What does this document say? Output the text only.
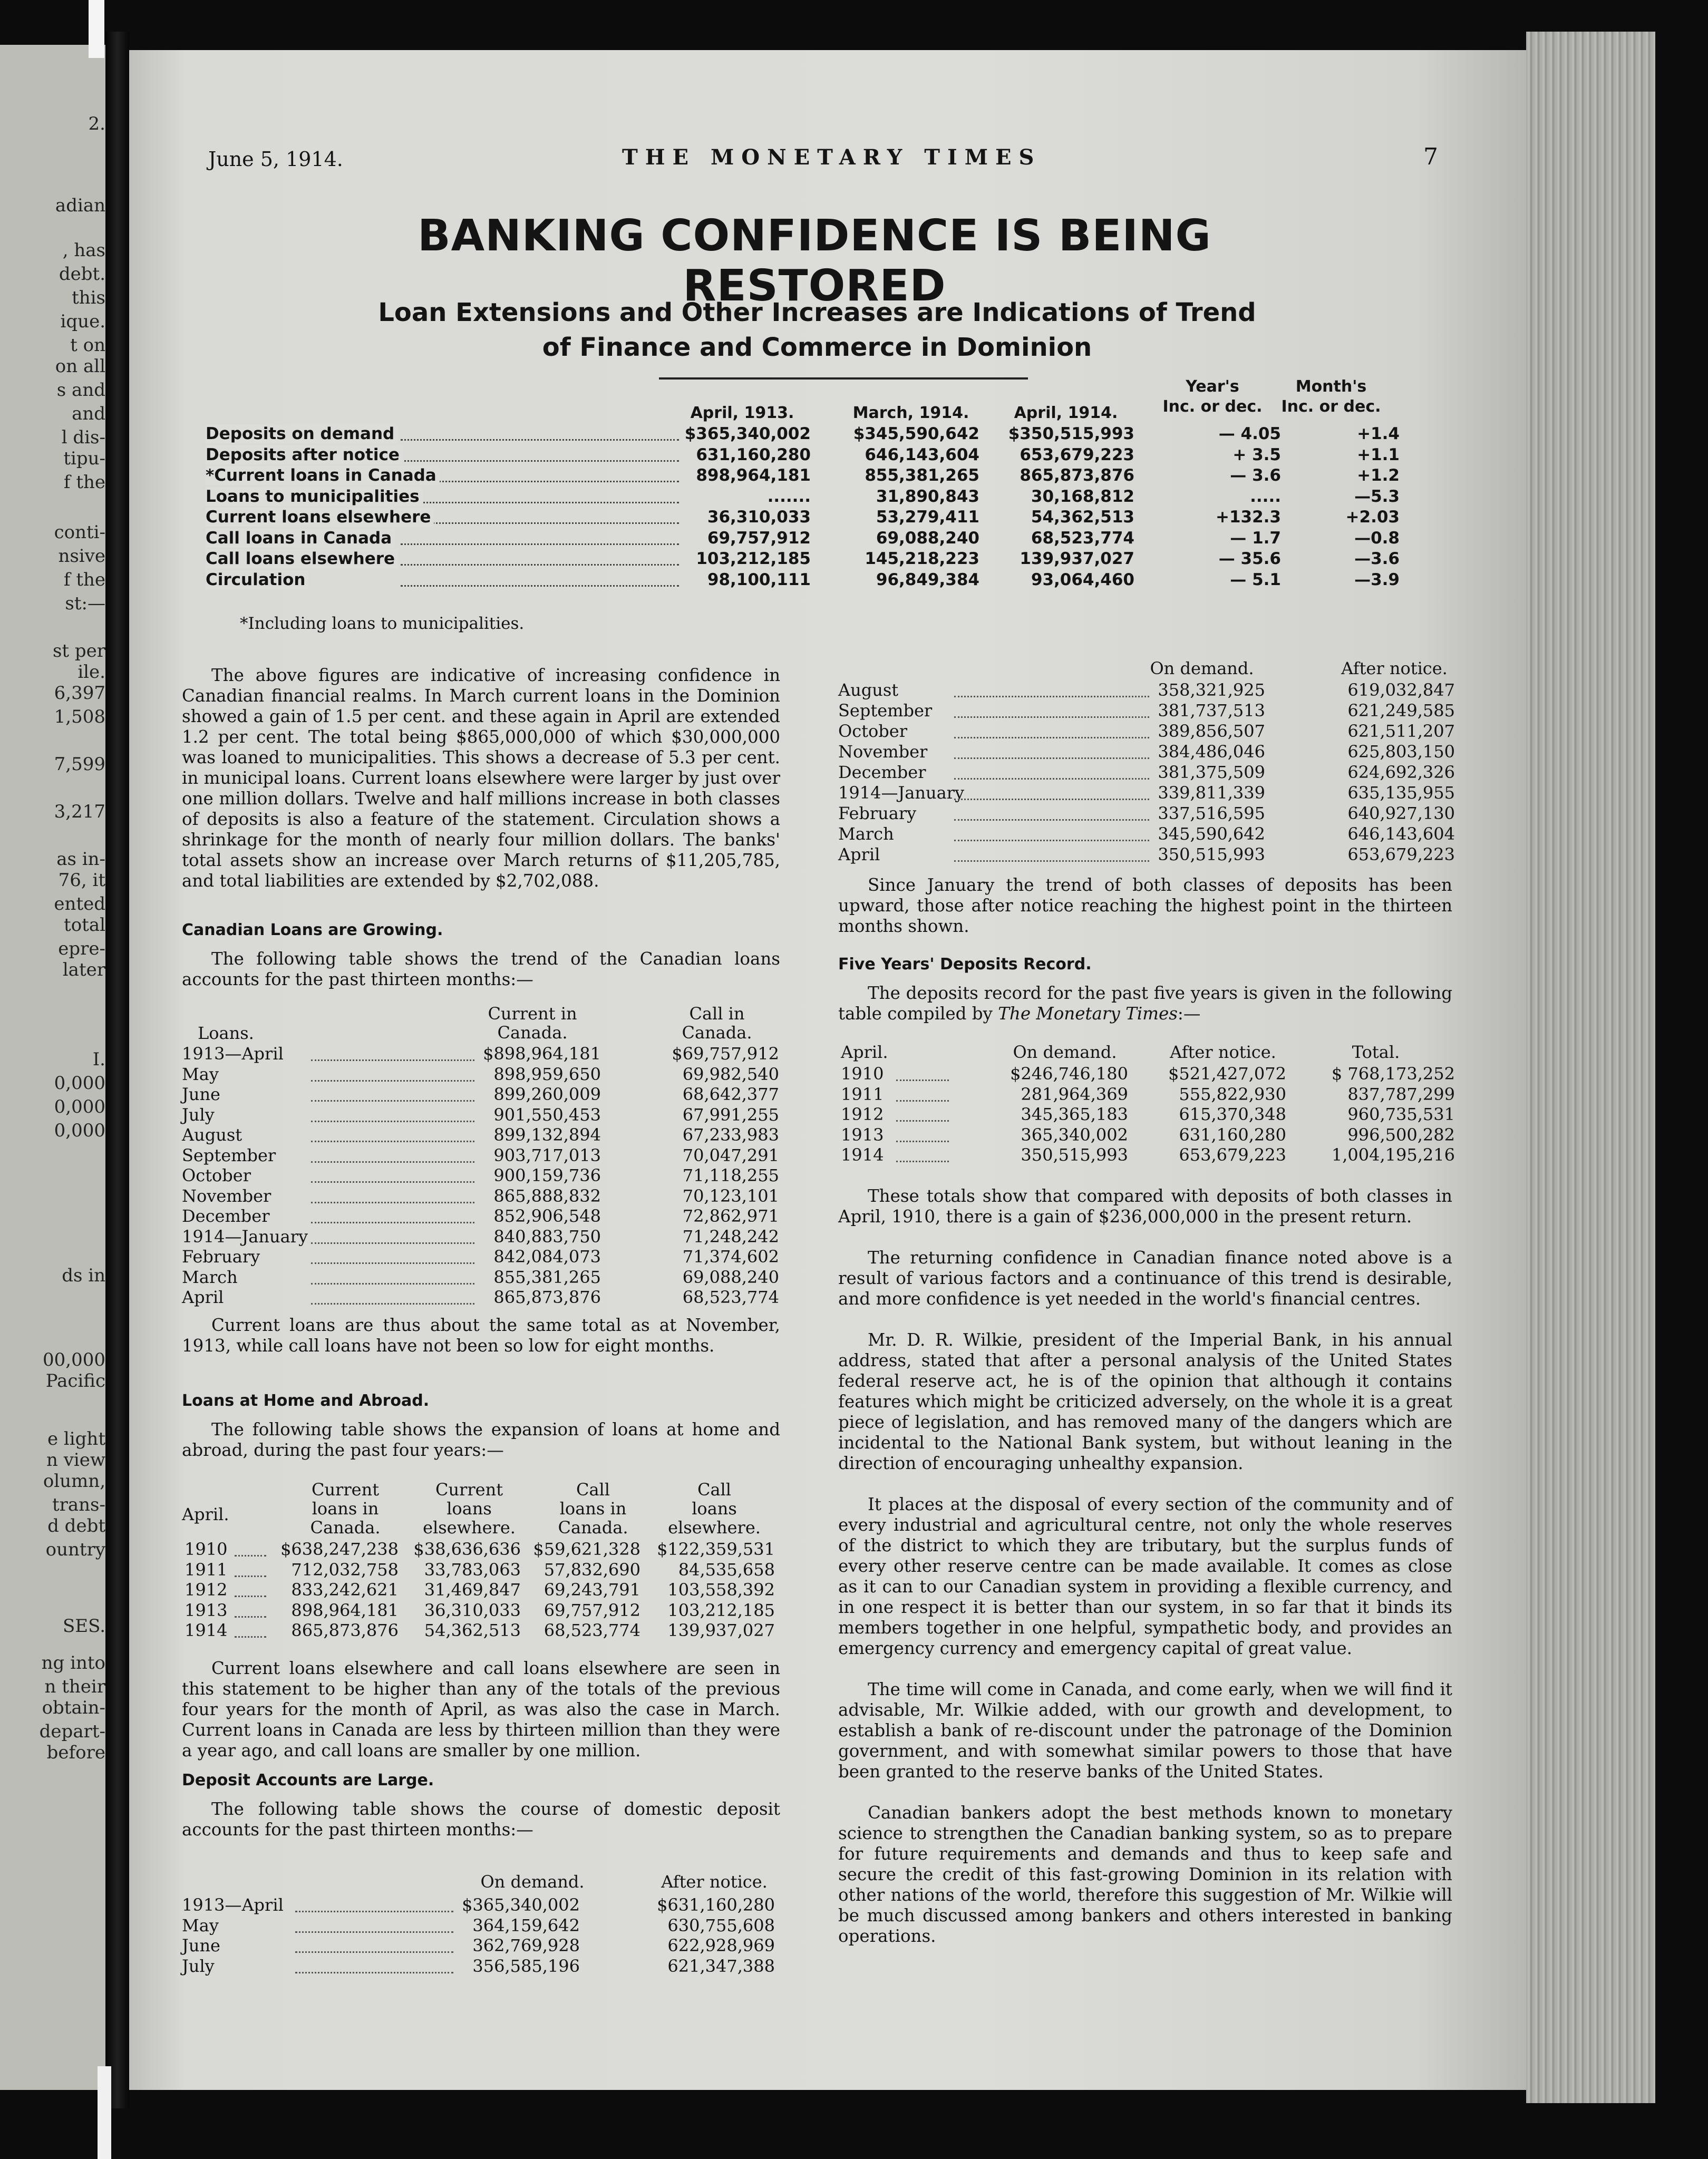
2.
adian
, has
debt.
this
ique.
t on
on all
s and
and
l dis-
tipu-
f the
conti-
nsive
f the
st:—
st per
ile.
6,397
1,508
7,599
3,217
as in-
76, it
ented
total
epre-
later
I.
0,000
0,000
0,000
ds in
00,000
Pacific
e light
n view
olumn,
trans-
d debt
ountry
SES.
ng into
n their
obtain-
depart-
before
June 5, 1914.	THE MONETARY TIMES	7
BANKING CONFIDENCE IS BEING RESTORED
Loan Extensions and Other Increases are Indications of Trend
of Finance and Commerce in Dominion
April, 1913.	March, 1914.	April, 1914.
Year's
Inc. or dec.
Month's
Inc. or dec.
Deposits on demand	$365,340,002	$345,590,642	$350,515,993	— 4.05	+1.4
Deposits after notice	631,160,280	646,143,604	653,679,223	+ 3.5	+1.1
*Current loans in Canada	898,964,181	855,381,265	865,873,876	— 3.6	+1.2
Loans to municipalities	.......	31,890,843	30,168,812	.....	—5.3
Current loans elsewhere	36,310,033	53,279,411	54,362,513	+132.3	+2.03
Call loans in Canada	69,757,912	69,088,240	68,523,774	— 1.7	—0.8
Call loans elsewhere	103,212,185	145,218,223	139,937,027	— 35.6	—3.6
Circulation	98,100,111	96,849,384	93,064,460	— 5.1	—3.9
*Including loans to municipalities.

The above figures are indicative of increasing confidence in Canadian financial realms. In March current loans in the Dominion showed a gain of 1.5 per cent. and these again in April are extended 1.2 per cent. The total being $865,000,000 of which $30,000,000 was loaned to municipalities. This shows a decrease of 5.3 per cent. in municipal loans. Current loans elsewhere were larger by just over one million dollars. Twelve and half millions increase in both classes of deposits is also a feature of the statement. Circulation shows a shrinkage for the month of nearly four million dollars. The banks' total assets show an increase over March returns of $11,205,785, and total liabilities are extended by $2,702,088.

Canadian Loans are Growing.

The following table shows the trend of the Canadian loans accounts for the past thirteen months:—

Loans.
Current in
Canada.
Call in
Canada.
1913—April	$898,964,181	$69,757,912
May	898,959,650	69,982,540
June	899,260,009	68,642,377
July	901,550,453	67,991,255
August	899,132,894	67,233,983
September	903,717,013	70,047,291
October	900,159,736	71,118,255
November	865,888,832	70,123,101
December	852,906,548	72,862,971
1914—January	840,883,750	71,248,242
February	842,084,073	71,374,602
March	855,381,265	69,088,240
April	865,873,876	68,523,774

Current loans are thus about the same total as at November, 1913, while call loans have not been so low for eight months.

Loans at Home and Abroad.

The following table shows the expansion of loans at home and abroad, during the past four years:—

April.
Current
loans in
Canada.
Current
loans
elsewhere.
Call
loans in
Canada.
Call
loans
elsewhere.
1910	$638,247,238 $38,636,636 $59,621,328 $122,359,531
1911	712,032,758	33,783,063	57,832,690	84,535,658
1912	833,242,621	31,469,847	69,243,791	103,558,392
1913	898,964,181	36,310,033	69,757,912	103,212,185
1914	865,873,876	54,362,513	68,523,774	139,937,027

Current loans elsewhere and call loans elsewhere are seen in this statement to be higher than any of the totals of the previous four years for the month of April, as was also the case in March. Current loans in Canada are less by thirteen million than they were a year ago, and call loans are smaller by one million.

Deposit Accounts are Large.

The following table shows the course of domestic deposit accounts for the past thirteen months:—

On demand.	After notice.
1913—April	$365,340,002	$631,160,280
May	364,159,642	630,755,608
June	362,769,928	622,928,969
July	356,585,196	621,347,388
On demand.	After notice.
August	358,321,925	619,032,847
September	381,737,513	621,249,585
October	389,856,507	621,511,207
November	384,486,046	625,803,150
December	381,375,509	624,692,326
1914—January	339,811,339	635,135,955
February	337,516,595	640,927,130
March	345,590,642	646,143,604
April	350,515,993	653,679,223

Since January the trend of both classes of deposits has been upward, those after notice reaching the highest point in the thirteen months shown.

Five Years' Deposits Record.

The deposits record for the past five years is given in the following table compiled by The Monetary Times:—

April.	On demand.	After notice.	Total.
1910	$246,746,180	$521,427,072	$ 768,173,252
1911	281,964,369	555,822,930	837,787,299
1912	345,365,183	615,370,348	960,735,531
1913	365,340,002	631,160,280	996,500,282
1914	350,515,993	653,679,223	1,004,195,216

These totals show that compared with deposits of both classes in April, 1910, there is a gain of $236,000,000 in the present return.

The returning confidence in Canadian finance noted above is a result of various factors and a continuance of this trend is desirable, and more confidence is yet needed in the world's financial centres.

Mr. D. R. Wilkie, president of the Imperial Bank, in his annual address, stated that after a personal analysis of the United States federal reserve act, he is of the opinion that although it contains features which might be criticized adversely, on the whole it is a great piece of legislation, and has removed many of the dangers which are incidental to the National Bank system, but without leaning in the direction of encouraging unhealthy expansion.

It places at the disposal of every section of the community and of every industrial and agricultural centre, not only the whole reserves of the district to which they are tributary, but the surplus funds of every other reserve centre can be made available. It comes as close as it can to our Canadian system in providing a flexible currency, and in one respect it is better than our system, in so far that it binds its members together in one helpful, sympathetic body, and provides an emergency currency and emergency capital of great value.

The time will come in Canada, and come early, when we will find it advisable, Mr. Wilkie added, with our growth and development, to establish a bank of re-discount under the patronage of the Dominion government, and with somewhat similar powers to those that have been granted to the reserve banks of the United States.

Canadian bankers adopt the best methods known to monetary science to strengthen the Canadian banking system, so as to prepare for future requirements and demands and thus to keep safe and secure the credit of this fast-growing Dominion in its relation with other nations of the world, therefore this suggestion of Mr. Wilkie will be much discussed among bankers and others interested in banking operations.
